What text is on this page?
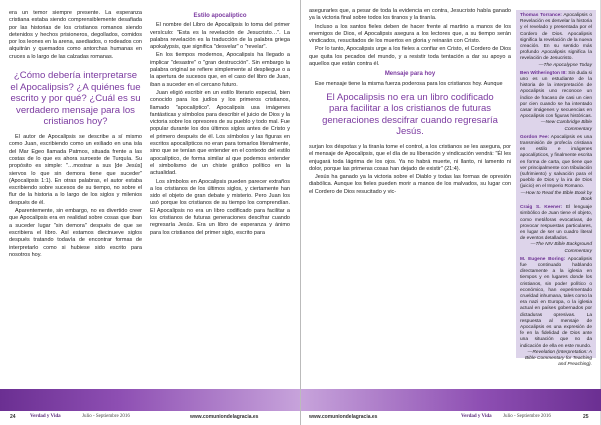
era un temor siempre presente. La esperanza cristiana estaba siendo comprensiblemente desafiada por las historias de los cristianos romanos siendo detenidos y hechos prisioneros, degollados, comidos por los leones en la arena, asediados, o rodeados con alquitrán y quemados como antorchas humanas en cruces a lo largo de las calzadas romanas.

¿Cómo debería interpretarse el Apocalipsis? ¿A quiénes fue escrito y por qué? ¿Cuál es su verdadero mensaje para los cristianos hoy?

El autor de Apocalipsis se describe a sí mismo como Juan, escribiendo como un exiliado en una isla del Mar Egeo llamada Patmos, situada frente a las costas de lo que es ahora suroeste de Turquía. Su propósito es simple: "…mostrar a sus [de Jesús] siervos lo que sin demora tiene que suceder" (Apocalipsis 1:1). En otras palabras, el autor estaba escribiendo sobre sucesos de su tiempo, no sobre el flur de la historia a lo largo de los siglos y milenios después de él.

Aparentemente, sin embargo, no es divertido creer que Apocalipsis era en realidad sobre cosas que iban a suceder lugar "sin demora" después de que se escribiera el libro. Así estamos diecinueve siglos después tratando todavía de encontrar formas de interpretarlo como si hubiese sido escrito para nosotros hoy.

Estilo apocalíptico

El nombre del Libro de Apocalipsis lo toma del primer versículo: "Esta es la revelación de Jesucristo…". La palabra revelación es la traducción de la palabra griega apokalypsis, que significa "desvelar" o "revelar".

En los tiempos modernos, Apocalipsis ha llegado a implicar "desastre" o "gran destrucción". Sin embargo la palabra original se refiere simplemente al despliegue o a la apertura de sucesos que, en el caso del libro de Juan, iban a suceder en el cercano futuro.

Juan eligió escribir en un estilo literario especial, bien conocido para los judíos y los primeros cristianos, llamado "apocalíptico". Apocalipsis usa imágenes fantásticas y símbolos para describir el juicio de Dios y la victoria sobre los opresores de su pueblo y todo mal. Fue popular durante los dos últimos siglos antes de Cristo y el primero después de él. Los símbolos y las figuras en escritos apocalípticos no eran para tomarlos literalmente, sino que se tenían que entender en el contexto del estilo apocalíptico, de forma similar al que podemos entender el simbolismo de un chiste gráfico político en la actualidad.

Los símbolos en Apocalipsis pueden parecer extraños a los cristianos de los últimos siglos, y ciertamente han sido el objeto de gran debate y misterio. Pero Juan los usó porque los cristianos de su tiempo los comprendían. El Apocalipsis no era un libro codificado para facilitar a los cristianos de futuras generaciones descifrar cuando regresaría Jesús. Era un libro de esperanza y ánimo para los cristianos del primer siglo, escrito para

24	Verdad y Vida	Julio - Septiembre 2016	www.comuniondelagracia.es

asegurarles que, a pesar de toda la evidencia en contra, Jesucristo había ganado ya la victoria final sobre todos los tiranos y la tiranía.

Incluso a los santos fieles deben de hacer frente al martirio a manos de los enemigos de Dios, el Apocalipsis asegura a los lectores que, a su tiempo serán vindicados, resucitados de los muertos en gloria y reinarán con Cristo.

Por lo tanto, Apocalipsis urge a los fieles a confiar en Cristo, el Cordero de Dios que quita los pecados del mundo, y a resistir toda tentación a dar su apoyo a aquellos que están contra él.

Mensaje para hoy

Ese mensaje tiene la misma fuerza poderosa para los cristianos hoy. Aunque

El Apocalipsis no era un libro codificado para facilitar a los cristianos de futuras generaciones descifrar cuando regresaría Jesús.

surjan los déspotas y la tiranía tome el control, a los cristianos se les asegura, por el mensaje de Apocalipsis, que el día de su liberación y vindicación vendrá: "Él les enjugará toda lágrima de los ojos. Ya no habrá muerte, ni llanto, ni lamento ni dolor, porque las primeras cosas han dejado de existir" (21:4).

Jesús ha ganado ya la victoria sobre el Diablo y todas las formas de opresión diabólica. Aunque los fieles pueden morir a manos de los malvados, su lugar con el Cordero de Dios resucitado y vic-

Thomas Torrance: Apocalipsis o Revelación es desvelar la historia y el revelado y presentada por el Cordero de Dios. Apocalipsis significa la revelación de la nueva creación. En su sentido más profundo Apocalipsis significa la revelación de Jesucristo.
—The Apocalypse Today
Ben Witherington III: Sin duda si uno es un estudiante de la historia de la interpretación de Apocalipsis uno reconoce un índice de fracaso de casi un cien por cien cuando se ha intentado casar imágenes y secuencias en Apocalipsis con figuras históricas.
—New Cambridge Bible Commentary
Gordon Fee: Apocalipsis es una transmisión de profecía cristiana en estilo e imágenes apocalípticos, y finalmente escrita en forma de carta, que tiene que ver principalmente con tribulación (sufrimiento) y salvación para el pueblo de Dios y la ira de Dios (juicio) en el Imperio Romano.
—How to Read the Bible Book by Book
Craig S. Keener: El lenguaje simbólico de Juan tiene el objeto, como metáforas evocativas, de provocar respuestas particulares, en lugar de ser un cuadro literal de eventos detallados.
—The NIV Bible Background Commentary
M. Eugene Boring: Apocalipsis fue continuado hablando directamente a la iglesia en tiempos y en lugares donde los cristianos, sin poder político o económico, han experimentado crueldad inhumana, tales como la era nazi en Europa, o la iglesia actual en países gobernados por dictaduras opresivas. La respuesta al mensaje de Apocalipsis es una expresión de fe en la fidelidad de Dios ante una situación que no da indicación de ella en este mundo.
—Revelation (Interpretation: A Bible Commentary for Teaching and Preaching).
www.comuniondelagracia.es	Verdad y Vida Julio - Septiembre 2016	25
